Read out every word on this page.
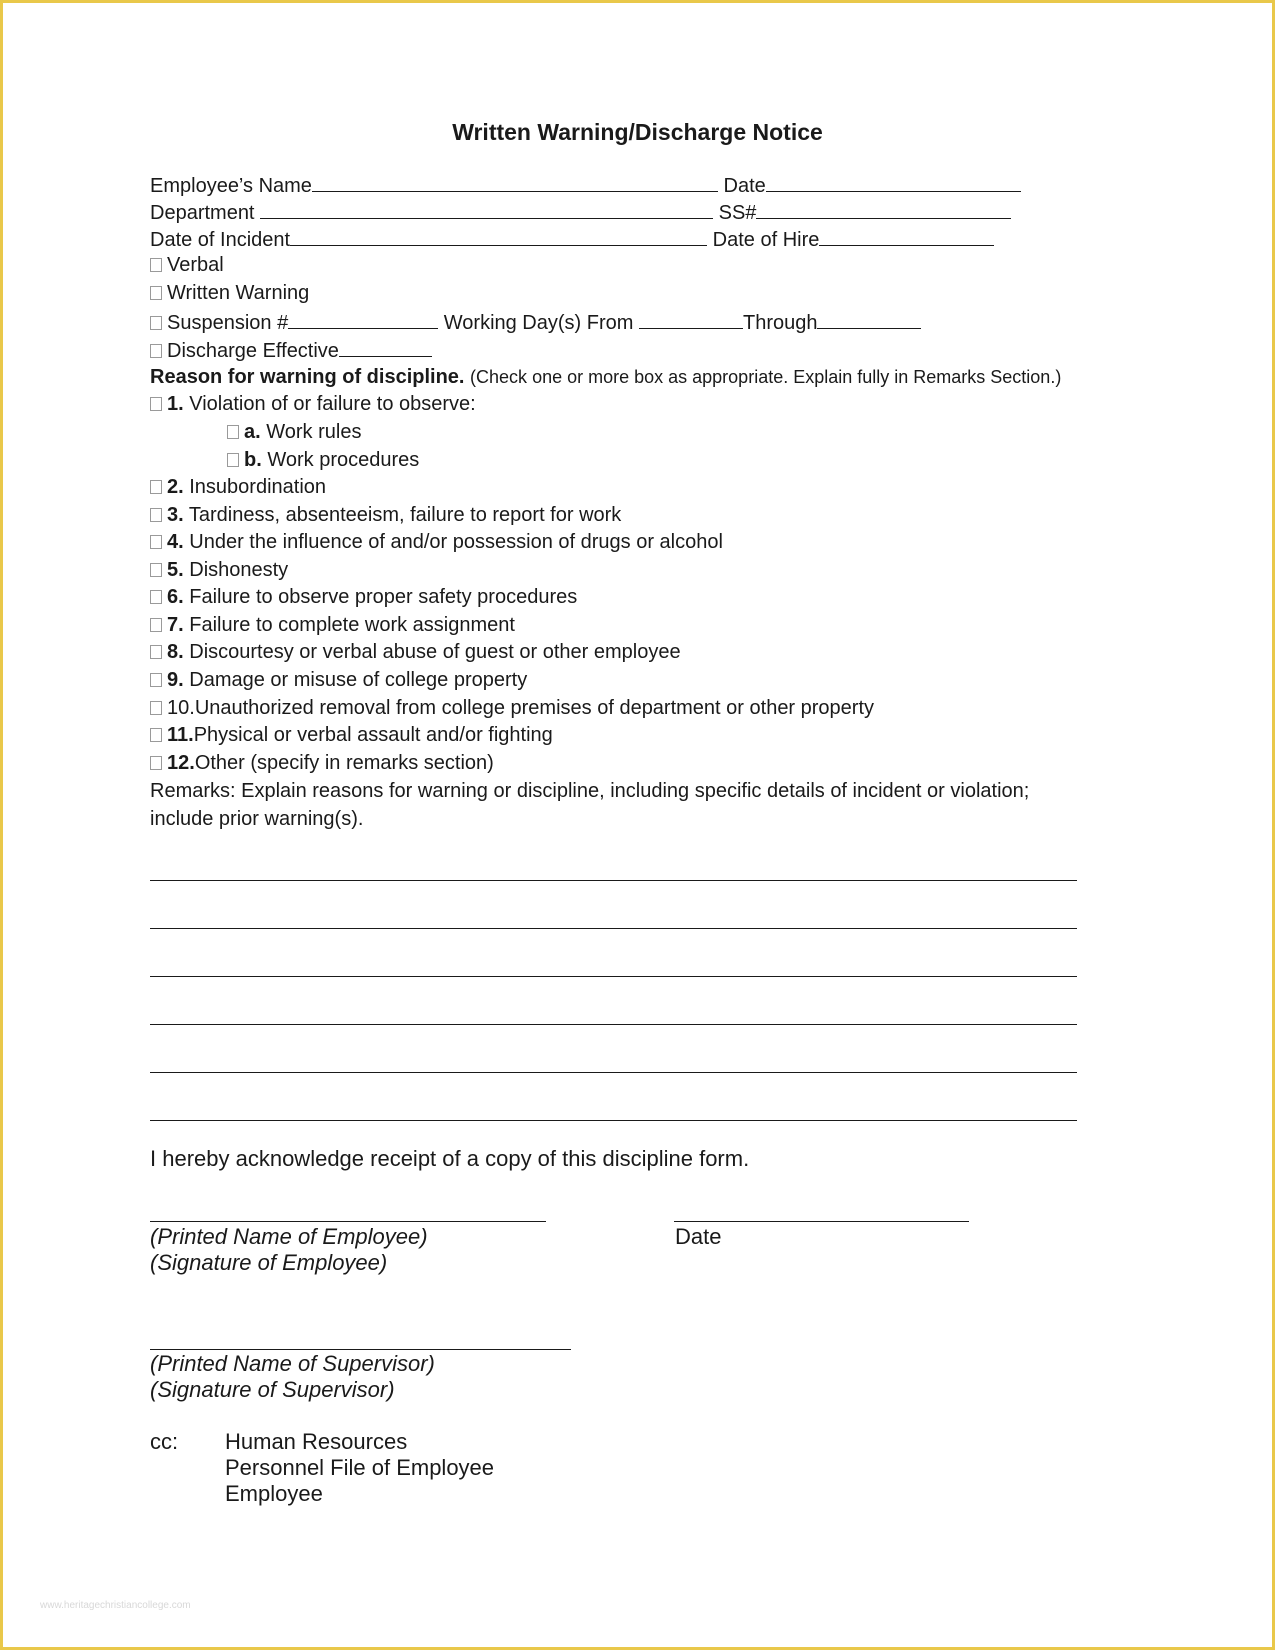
Written Warning/Discharge Notice
Employee’s Name	Date
Department	SS#
Date of Incident	Date of Hire
Verbal
Written Warning
Suspension #	Working Day(s) From	Through
Discharge Effective
Reason for warning of discipline. (Check one or more box as appropriate. Explain fully in Remarks Section.)
1. Violation of or failure to observe:
a. Work rules
b. Work procedures
2. Insubordination
3. Tardiness, absenteeism, failure to report for work
4. Under the influence of and/or possession of drugs or alcohol
5. Dishonesty
6. Failure to observe proper safety procedures
7. Failure to complete work assignment
8. Discourtesy or verbal abuse of guest or other employee
9. Damage or misuse of college property
10.Unauthorized removal from college premises of department or other property
11.Physical or verbal assault and/or fighting
12.Other (specify in remarks section)
Remarks: Explain reasons for warning or discipline, including specific details of incident or violation;
include prior warning(s).
I hereby acknowledge receipt of a copy of this discipline form.
(Printed Name of Employee)	Date
(Signature of Employee)
(Printed Name of Supervisor)
(Signature of Supervisor)
cc: Human Resources
Personnel File of Employee
Employee
www.heritagechristiancollege.com
